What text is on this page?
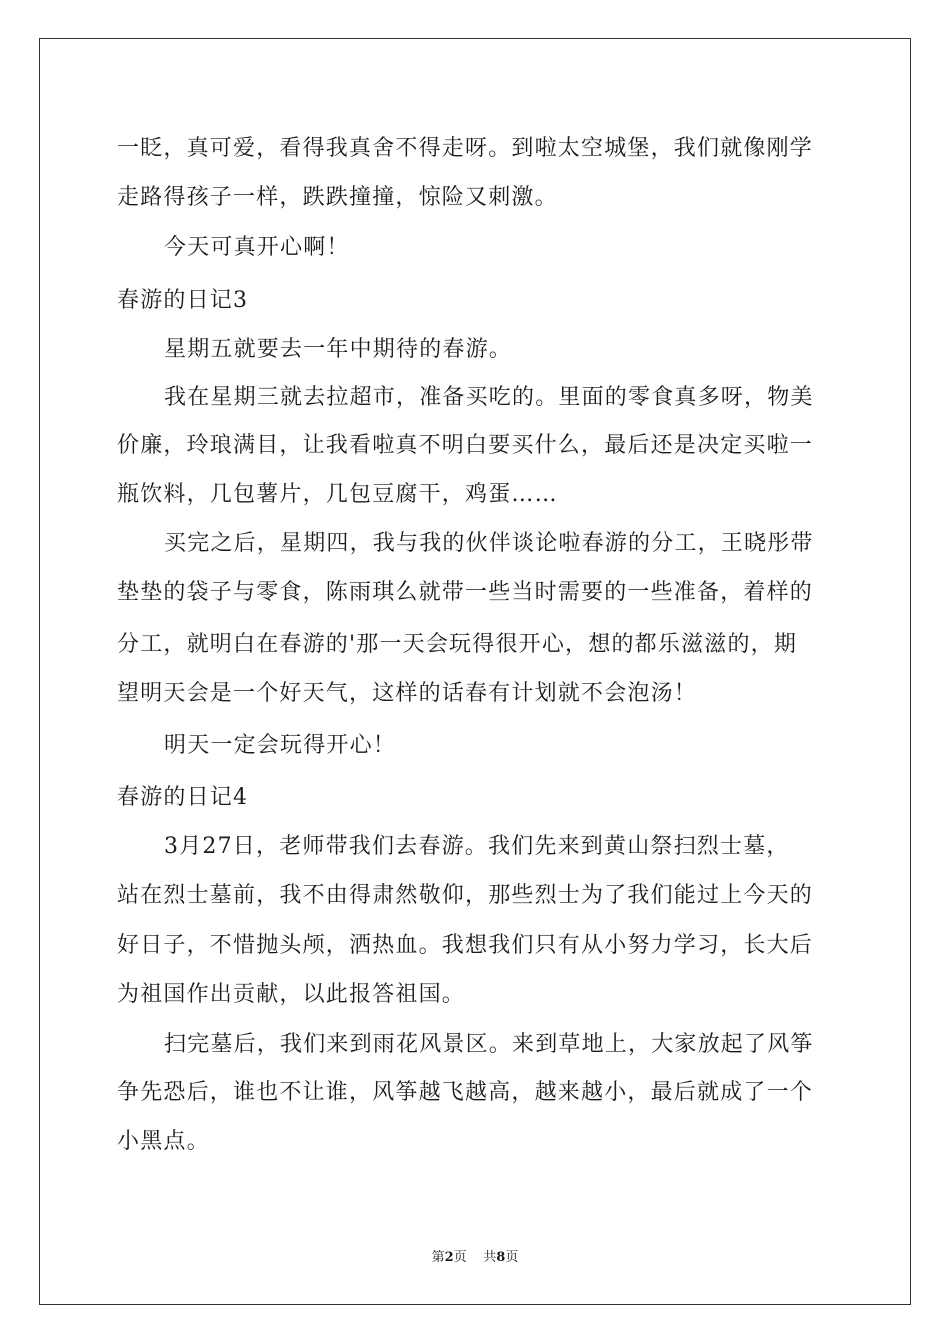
一眨，真可爱，看得我真舍不得走呀。到啦太空城堡，我们就像刚学
走路得孩子一样，跌跌撞撞，惊险又刺激。
今天可真开心啊！
春游的日记3
星期五就要去一年中期待的春游。
我在星期三就去拉超市，准备买吃的。里面的零食真多呀，物美
价廉，玲琅满目，让我看啦真不明白要买什么，最后还是决定买啦一
瓶饮料，几包薯片，几包豆腐干，鸡蛋……
买完之后，星期四，我与我的伙伴谈论啦春游的分工，王晓彤带
垫垫的袋子与零食，陈雨琪么就带一些当时需要的一些准备，着样的
分工，就明白在春游的'那一天会玩得很开心，想的都乐滋滋的，期
望明天会是一个好天气，这样的话春有计划就不会泡汤！
明天一定会玩得开心！
春游的日记4
3月27日，老师带我们去春游。我们先来到黄山祭扫烈士墓，
站在烈士墓前，我不由得肃然敬仰，那些烈士为了我们能过上今天的
好日子，不惜抛头颅，洒热血。我想我们只有从小努力学习，长大后
为祖国作出贡献，以此报答祖国。
扫完墓后，我们来到雨花风景区。来到草地上，大家放起了风筝
争先恐后，谁也不让谁，风筝越飞越高，越来越小，最后就成了一个
小黑点。
第2页 共8页
